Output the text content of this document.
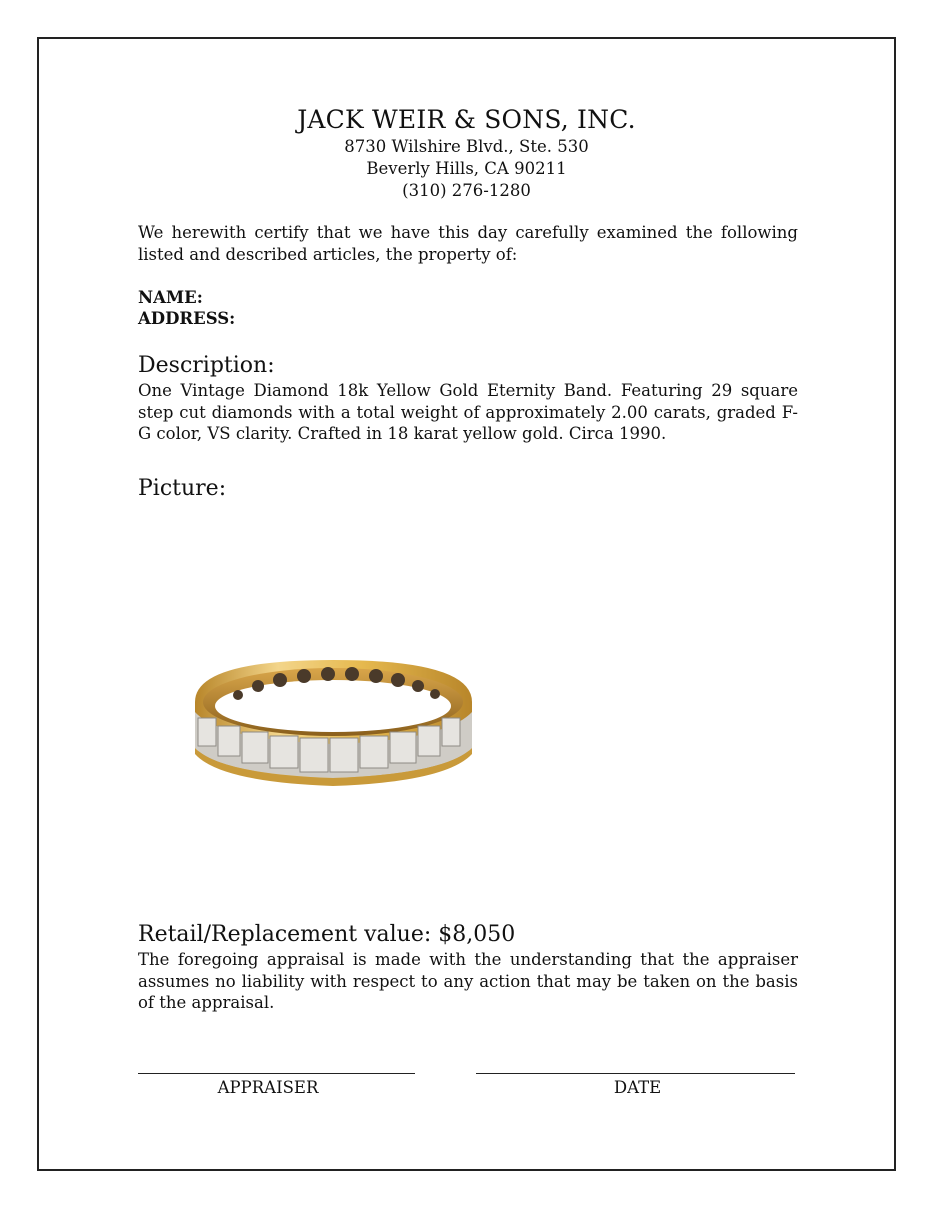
JACK WEIR & SONS, INC.
8730 Wilshire Blvd., Ste. 530
Beverly Hills, CA 90211
(310) 276-1280
We herewith certify that we have this day carefully examined the following listed and described articles, the property of:
NAME:
ADDRESS:
Description:
One Vintage Diamond 18k Yellow Gold Eternity Band. Featuring 29 square step cut diamonds with a total weight of approximately 2.00 carats, graded F-G color, VS clarity. Crafted in 18 karat yellow gold. Circa 1990.
Picture:
Retail/Replacement value: $8,050
The foregoing appraisal is made with the understanding that the appraiser assumes no liability with respect to any action that may be taken on the basis of the appraisal.
APPRAISER	DATE
